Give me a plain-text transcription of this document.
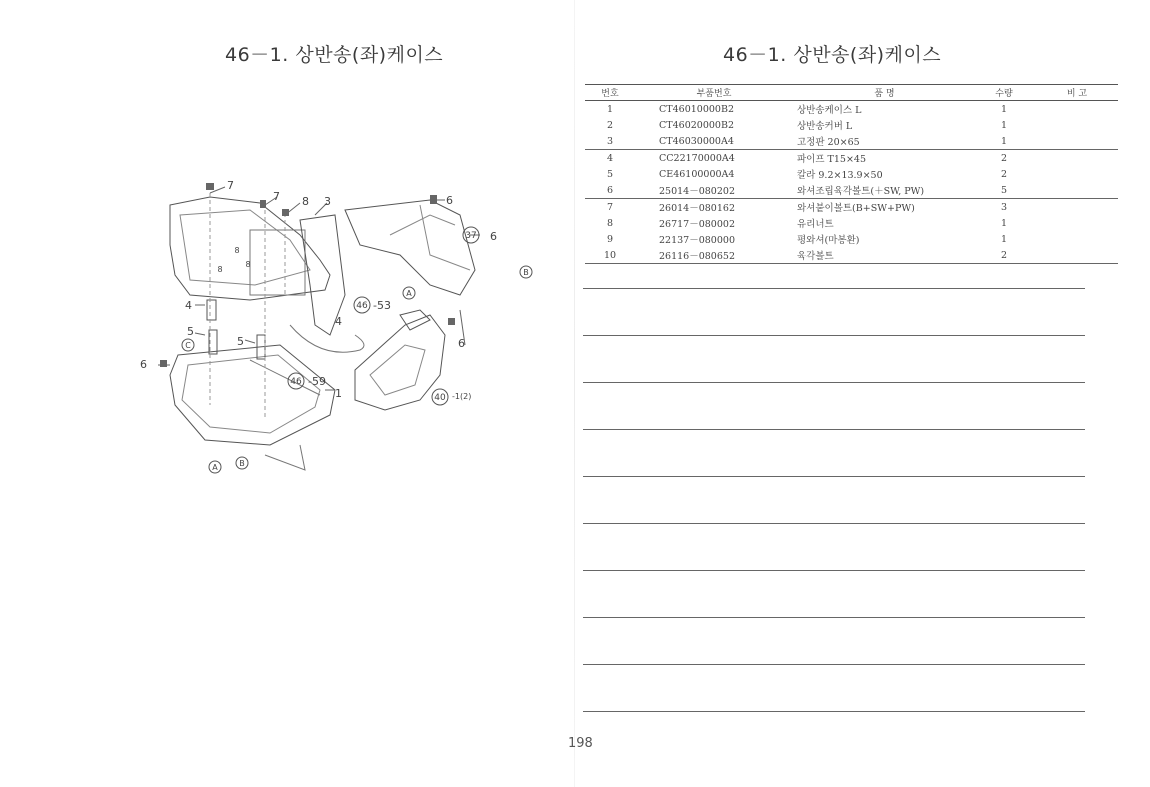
46－1. 상반송(좌)케이스
7
7 8 3	6
6
6
6
4
4
5
5
1
-53
-59
-1(2)
46
46
37
40
A
A
B
B
C
8
8
8
46－1. 상반송(좌)케이스
번호	부품번호	품 명	수량	비 고
1	CT46010000B2	상반송케이스 L	1	
2	CT46020000B2	상반송커버 L	1	
3	CT46030000A4	고정판 20×65	1	
4	CC22170000A4	파이프 T15×45	2	
5	CE46100000A4	칼라 9.2×13.9×50	2	
6	25014－080202	와셔조립육각볼트(＋SW, PW)	5	
7	26014－080162	와셔붙이볼트(B+SW+PW)	3	
8	26717－080002	유리너트	1	
9	22137－080000	평와셔(마봉환)	1	
10	26116－080652	육각볼트	2	
198
